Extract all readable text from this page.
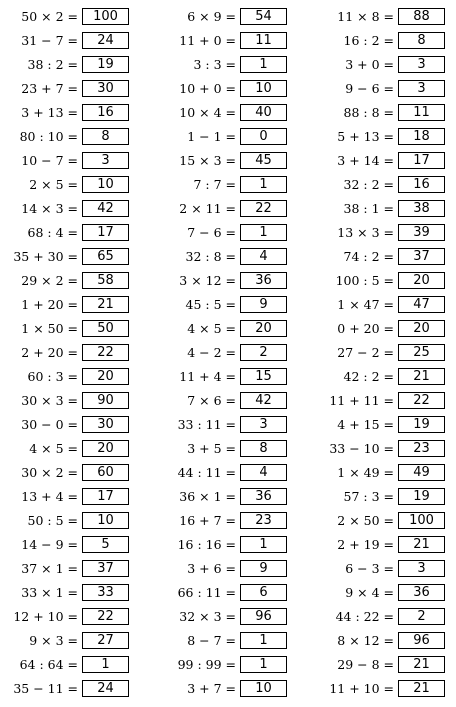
50 × 2 =	100
31 − 7 =	24
38 : 2 =	19
23 + 7 =	30
3 + 13 =	16
80 : 10 =	8
10 − 7 =	3
2 × 5 =	10
14 × 3 =	42
68 : 4 =	17
35 + 30 =	65
29 × 2 =	58
1 + 20 =	21
1 × 50 =	50
2 + 20 =	22
60 : 3 =	20
30 × 3 =	90
30 − 0 =	30
4 × 5 =	20
30 × 2 =	60
13 + 4 =	17
50 : 5 =	10
14 − 9 =	5
37 × 1 =	37
33 × 1 =	33
12 + 10 =	22
9 × 3 =	27
64 : 64 =	1
35 − 11 =	24
6 × 9 =	54
11 + 0 =	11
3 : 3 =	1
10 + 0 =	10
10 × 4 =	40
1 − 1 =	0
15 × 3 =	45
7 : 7 =	1
2 × 11 =	22
7 − 6 =	1
32 : 8 =	4
3 × 12 =	36
45 : 5 =	9
4 × 5 =	20
4 − 2 =	2
11 + 4 =	15
7 × 6 =	42
33 : 11 =	3
3 + 5 =	8
44 : 11 =	4
36 × 1 =	36
16 + 7 =	23
16 : 16 =	1
3 + 6 =	9
66 : 11 =	6
32 × 3 =	96
8 − 7 =	1
99 : 99 =	1
3 + 7 =	10
11 × 8 =	88
16 : 2 =	8
3 + 0 =	3
9 − 6 =	3
88 : 8 =	11
5 + 13 =	18
3 + 14 =	17
32 : 2 =	16
38 : 1 =	38
13 × 3 =	39
74 : 2 =	37
100 : 5 =	20
1 × 47 =	47
0 + 20 =	20
27 − 2 =	25
42 : 2 =	21
11 + 11 =	22
4 + 15 =	19
33 − 10 =	23
1 × 49 =	49
57 : 3 =	19
2 × 50 =	100
2 + 19 =	21
6 − 3 =	3
9 × 4 =	36
44 : 22 =	2
8 × 12 =	96
29 − 8 =	21
11 + 10 =	21
